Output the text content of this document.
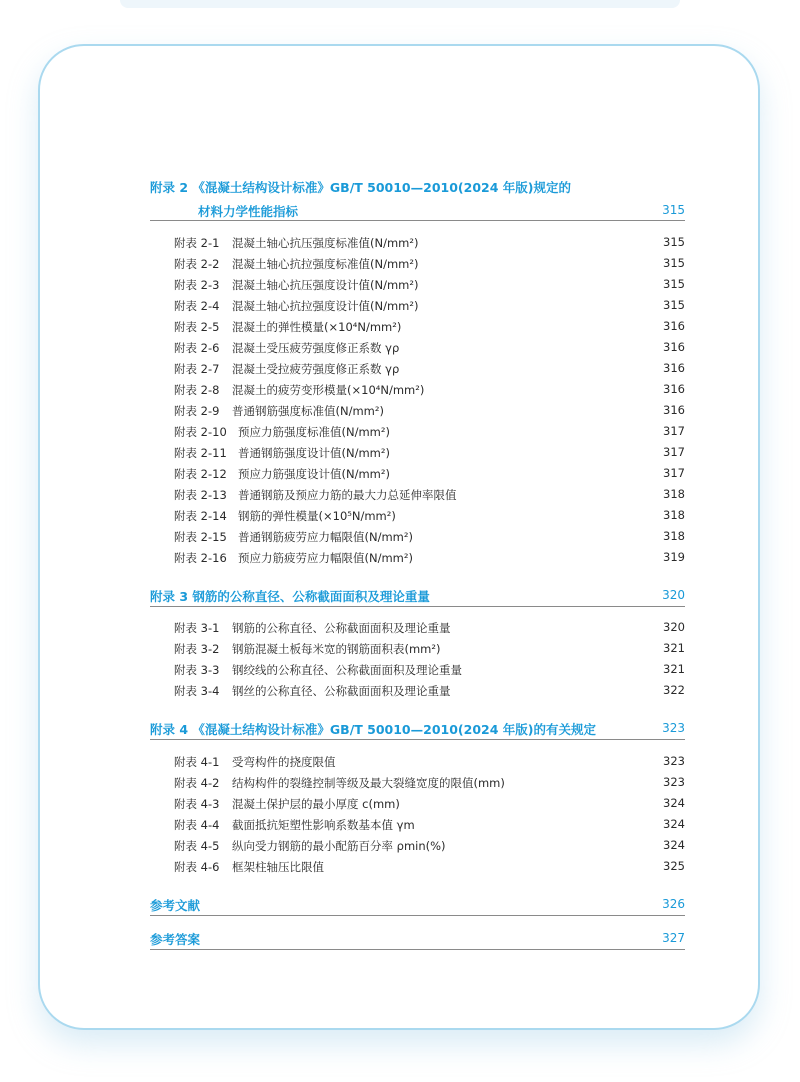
附录 2 《混凝土结构设计标准》GB/T 50010—2010(2024 年版)规定的
材料力学性能指标	315
附表 2-1 混凝土轴心抗压强度标准值(N/mm²)	315
附表 2-2 混凝土轴心抗拉强度标准值(N/mm²)	315
附表 2-3 混凝土轴心抗压强度设计值(N/mm²)	315
附表 2-4 混凝土轴心抗拉强度设计值(N/mm²)	315
附表 2-5 混凝土的弹性模量(×10⁴N/mm²)	316
附表 2-6 混凝土受压疲劳强度修正系数 γρ	316
附表 2-7 混凝土受拉疲劳强度修正系数 γρ	316
附表 2-8 混凝土的疲劳变形模量(×10⁴N/mm²)	316
附表 2-9 普通钢筋强度标准值(N/mm²)	316
附表 2-10 预应力筋强度标准值(N/mm²)	317
附表 2-11 普通钢筋强度设计值(N/mm²)	317
附表 2-12 预应力筋强度设计值(N/mm²)	317
附表 2-13 普通钢筋及预应力筋的最大力总延伸率限值	318
附表 2-14 钢筋的弹性模量(×10⁵N/mm²)	318
附表 2-15 普通钢筋疲劳应力幅限值(N/mm²)	318
附表 2-16 预应力筋疲劳应力幅限值(N/mm²)	319
附录 3 钢筋的公称直径、公称截面面积及理论重量	320
附表 3-1 钢筋的公称直径、公称截面面积及理论重量	320
附表 3-2 钢筋混凝土板每米宽的钢筋面积表(mm²)	321
附表 3-3 钢绞线的公称直径、公称截面面积及理论重量	321
附表 3-4 钢丝的公称直径、公称截面面积及理论重量	322
附录 4 《混凝土结构设计标准》GB/T 50010—2010(2024 年版)的有关规定	323
附表 4-1 受弯构件的挠度限值	323
附表 4-2 结构构件的裂缝控制等级及最大裂缝宽度的限值(mm)	323
附表 4-3 混凝土保护层的最小厚度 c(mm)	324
附表 4-4 截面抵抗矩塑性影响系数基本值 γm	324
附表 4-5 纵向受力钢筋的最小配筋百分率 ρmin(%)	324
附表 4-6 框架柱轴压比限值	325
参考文献	326
参考答案	327
